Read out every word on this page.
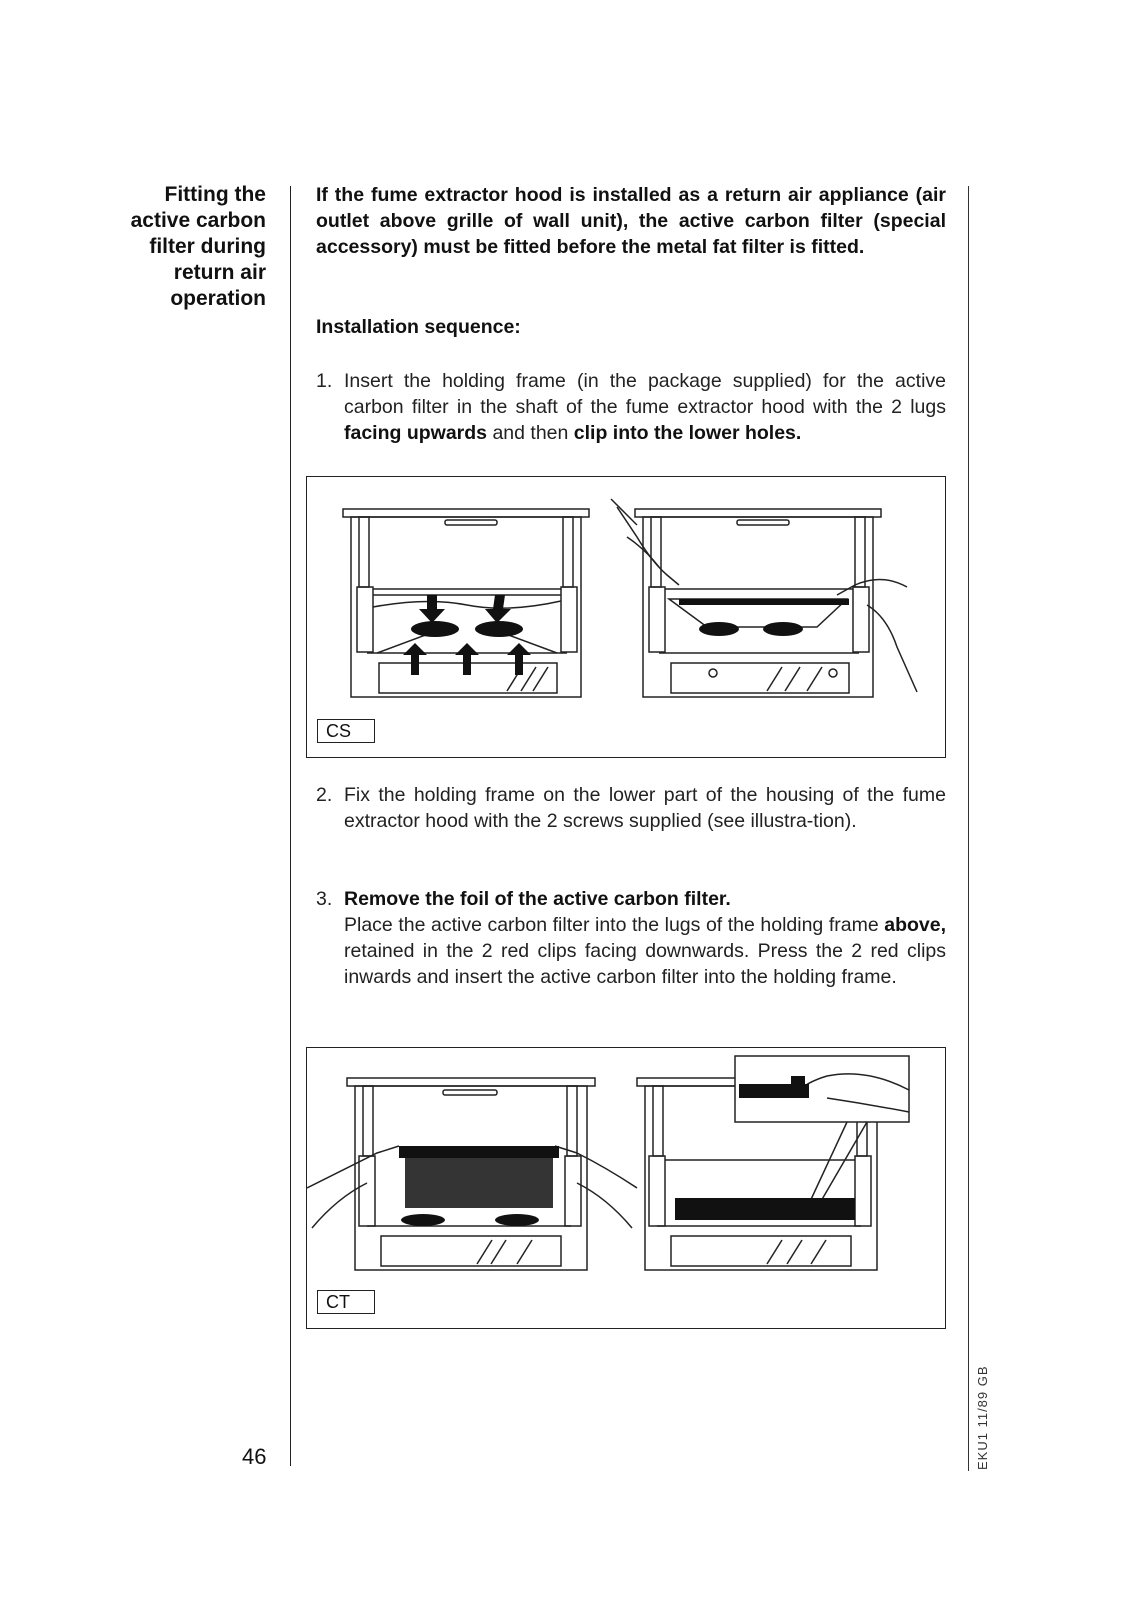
Fitting the
active carbon
filter during
return air
operation
If the fume extractor hood is installed as a return air appliance (air outlet above grille of wall unit), the active carbon filter (special accessory) must be fitted before the metal fat filter is fitted.
Installation sequence:
1. Insert the holding frame (in the package supplied) for the active carbon filter in the shaft of the fume extractor hood with the 2 lugs facing upwards and then clip into the lower holes.
CS
2. Fix the holding frame on the lower part of the housing of the fume extractor hood with the 2 screws supplied (see illustra-tion).
3. Remove the foil of the active carbon filter.
Place the active carbon filter into the lugs of the holding frame above, retained in the 2 red clips facing downwards. Press the 2 red clips inwards and insert the active carbon filter into the holding frame.
CT
46	EKU1 11/89 GB
